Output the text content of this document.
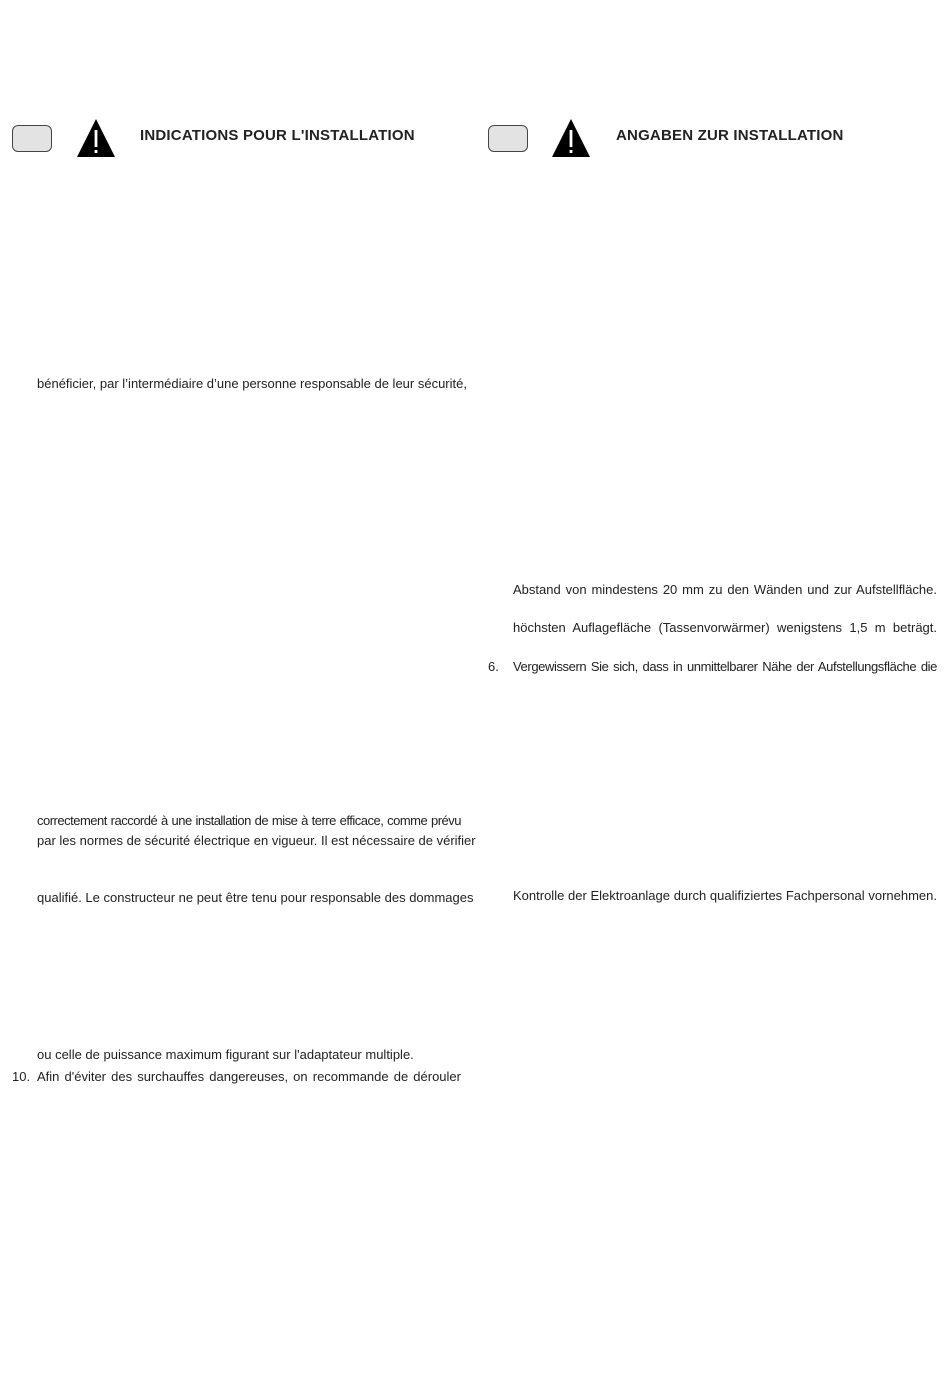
INDICATIONS POUR L'INSTALLATION	ANGABEN ZUR INSTALLATION
bénéficier, par l’intermédiaire d’une personne responsable de leur sécurité,
correctement raccordé à une installation de mise à terre efficace, comme prévu
par les normes de sécurité électrique en vigueur. Il est nécessaire de vérifier
qualifié. Le constructeur ne peut être tenu pour responsable des dommages
ou celle de puissance maximum figurant sur l'adaptateur multiple.
10. Afin d'éviter des surchauffes dangereuses, on recommande de dérouler
Abstand von mindestens 20 mm zu den Wänden und zur Aufstellfläche.
höchsten Auflagefläche (Tassenvorwärmer) wenigstens 1,5 m beträgt.
6. Vergewissern Sie sich, dass in unmittelbarer Nähe der Aufstellungsfläche die
Kontrolle der Elektroanlage durch qualifiziertes Fachpersonal vornehmen.
